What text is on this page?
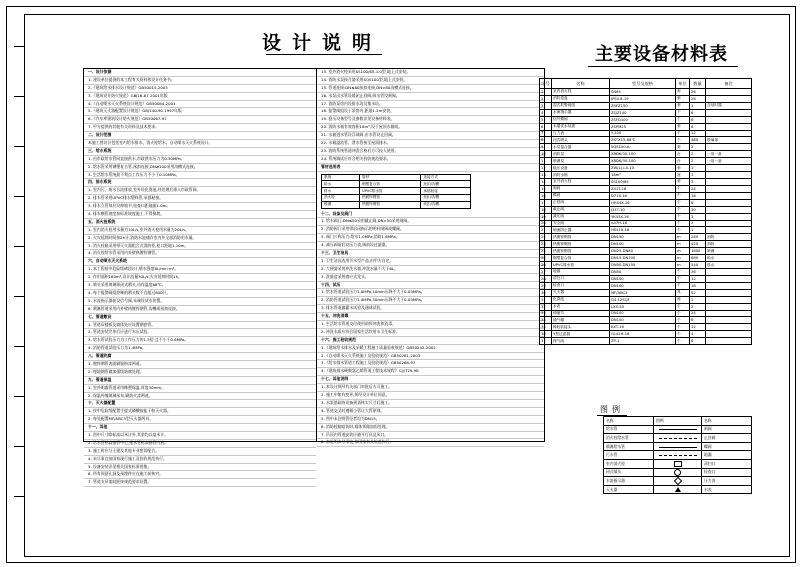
设计说明
主要设备材料表
一、设计依据
1. 建设单位提供的本工程有关资料和设计任务书;
2.《建筑给水排水设计规范》GB50015-2003
3.《建筑设计防火规范》GBJ16-87 2001年版
4.《自动喷水灭火系统设计规范》GB50084-2001
5.《建筑灭火器配置设计规范》GBJ140-90 1997年版
6.《汽车库建筑设计防火规范》GB50067-97
7. 甲方提供的其他有关资料及技术要求;
二、设计范围
本施工图设计包括室内给水排水、消火栓给水、自动喷水灭火系统设计。
三、给水系统
1. 由市政给水管网直接供水,市政供水压力为0.30MPa。
2. 给水管采用钢塑复合管,丝扣连接,DN≥100采用沟槽式连接。
3. 生活给水系统最不利点工作压力不小于0.10MPa。
四、排水系统
1. 室内污、废水合流排放,室外设化粪池,经处理后排入市政管网。
2. 排水管采用UPVC排水塑料管,承插粘接。
3. 排水立管每层设伸缩节,检查口距地面1.0m。
4. 排水横管坡度按标准坡度施工,不得倒坡。
五、消火栓系统
1. 室内消火栓用水量为10L/s,室外消火栓用水量为20L/s。
2. 火灾延续时间按2h计,消防水池储存室内外全部消防用水量。
3. 消火栓箱采用带灭火器组合式消防柜,栓口距地1.10m。
4. 消火栓给水管采用内外壁热镀锌钢管。
六、自动喷水灭火系统
1. 本工程按中危险级Ⅱ级设计,喷水强度8L/min·m²。
2. 作用面积160m²,设计流量30L/s,火灾延续时间1h。
3. 喷头采用玻璃球闭式喷头,动作温度68℃。
4. 每个报警阀组控制的喷头数不宜超过800只。
5. 水流指示器前设信号阀,末端设试水装置。
6. 喷淋管道采用内外壁热镀锌钢管,沟槽或丝扣连接。
七、管道敷设
1. 管道穿楼板及墙体处应设置钢套管。
2. 管道安装完毕后应进行水压试验。
3. 给水管试验压力为工作压力的1.5倍,且不小于0.6MPa。
4. 消防管道试验压力为1.4MPa。
八、管道防腐
1. 镀锌钢管表面刷银粉漆两道。
2. 埋地钢管做加强级防腐处理。
九、管道保温
1. 室外明露管道采用橡塑保温,厚度30mm。
2. 保温外缠玻璃丝布,刷防火漆两道。
十、灭火器配置
1. 按中危险级配置手提式磷酸铵盐干粉灭火器。
2. 每处配置MF/ABC3型灭火器两具。
十一、其他
1. 图中尺寸除标高以米计外,其余均以毫米计。
2. 给水管标高指管中心,排水管标高指管内底。
3. 施工时应与土建及其他专业密切配合。
4. 未尽事宜按国家现行施工及验收规范执行。
5. 设备安装详见相关国家标准图集。
6. 所有预留孔洞及预埋件应在施工前核对。
7. 管道支吊架间距按规范要求设置。
13. 室外消火栓采用SS100/65-1.0型,地上式安装。
14. 消防水泵接合器采用SQS100型,地上式安装。
15. 管道连接:DN≤80丝扣连接,DN>80沟槽式连接。
16. 水泵出水管设缓闭止回阀,吸水管设闸阀。
17. 消防泵房内设排水沟及集水坑。
18. 报警阀组设于泵房内,距地1.2m安装。
19. 稳压设备型号及参数详见设备材料表。
20. 消防水箱有效容积18m³,设于屋顶水箱间。
21. 水箱进水管设浮球阀,出水管设止回阀。
22. 水箱溢流管、泄水管接至屋面排水。
23. 消防系统管道冲洗合格后方可投入使用。
24. 系统调试应符合相关验收规范要求。
管材选用表
系统	管材	连接方式
给水	钢塑复合管	丝扣/沟槽
排水	UPVC排水管	承插粘接
消火栓	热镀锌钢管	丝扣/沟槽
喷淋	热镀锌钢管	丝扣/沟槽
十二、设备及阀门
1. 给水阀门:DN≤50采用截止阀,DN>50采用闸阀。
2. 消防阀门采用带启闭指示的明杆闸阀或蝶阀。
3. 阀门公称压力:给水1.0MPa,消防1.6MPa。
4. 减压阀前后设压力表,阀前设过滤器。
十三、卫生洁具
1. 卫生洁具选用节水型产品,由甲方自定。
2. 大便器采用冲洗水箱,冲洗水量不大于6L。
3. 洗脸盆采用感应式龙头。
十四、试压
1. 给水管道试验压力1.0MPa,10min压降不大于0.05MPa。
2. 消防管道试验压力1.4MPa,30min压降不大于0.05MPa。
3. 排水管道做灌水试验及通球试验。
十五、冲洗消毒
1. 生活给水管道交付使用前须冲洗和消毒。
2. 冲洗水质应符合国家生活饮用水卫生标准。
十六、施工验收规范
1.《建筑给水排水及采暖工程施工质量验收规范》GB50242-2002
2.《自动喷水灭火系统施工及验收规范》GB50261-2003
3.《给水排水管道工程施工及验收规范》GB50268-97
4.《建筑排水硬聚氯乙烯管道工程技术规程》CJJ/T29-98
十七、其他说明
1. 本设计须经有关部门审批后方可施工。
2. 施工中如有变更,须经设计单位同意。
3. 水泵基础待设备到货核实尺寸后施工。
4. 管道交叉时遵循小管让大管原则。
5. 图中未注明管径者均为DN15。
6. 消防栓箱暗装时,墙体须做加固处理。
7. 吊顶内管道安装应避开灯具及风口。
8. 本说明未尽事宜,按国家有关规范执行。
序号	名称	型号及规格	单位	数量	备注
1	室内消火栓	SN65	套	26	
2	消防卷盘	JPS0.8-19	套	26	
3	湿式报警阀组	ZSFZ150	套	1	含延时器
4	水流指示器	ZSJZ100	个	6	
5	信号蝶阀	ZSFD100	个	6	
6	末端试水装置	ZSPM25	套	6	
7	压力表	Y-100	个	12	
8	闭式喷头	ZSTX15-68℃	个	480	玻璃球
9	水泵接合器	SQS100-A	套	2	
10	消防泵	XBD6/30-100	台	2	一用一备
11	喷淋泵	XBD6/30-100	台	2	一用一备
12	稳压设备	ZW(L)-I-X-10	套	1	
13	消防水箱	18m³	座	1	
14	室外消火栓	SS100/65	套	3	
15	闸阀	Z41T-16	个	24	
16	蝶阀	D71X-16	个	18	
17	止回阀	HH44X-16	个	8	
18	截止阀	J11T-10	个	30	
19	减压阀	YK43X-16	个	2	
20	安全阀	A47H-16	个	2	
21	倒流防止器	HS41X-16	个	1	
22	热镀锌钢管	DN150	m	260	消防
23	热镀锌钢管	DN100	m	420	消防
24	热镀锌钢管	DN25-DN80	m	1850	喷淋
25	钢塑复合管	DN15-DN100	m	680	给水
26	UPVC排水管	DN50-DN150	m	540	排水
27	地漏	DN50	个	36	
28	清扫口	DN100	个	12	
29	检查口	DN100	个	18	
30	灭火器	MF/ABC3	具	52	
31	化粪池	G4-12SQF	座	1	
32	水表	LXS-50	个	2	
33	伸缩节	DN100	个	24	
34	通气帽	DN100	个	6	
35	橡胶软接头	KXT-16	个	12	
36	Y型过滤器	GL41H-16	个	4	
37	排气阀	ZP-1	个	6	
图例
名称	图例	名称
给水管		闸阀
消火栓给水管		止回阀
喷淋给水管		蝶阀
污水管		地漏
室内消火栓		清扫口
闭式喷头		检查口
水流指示器		压力表
灭火器		水表
